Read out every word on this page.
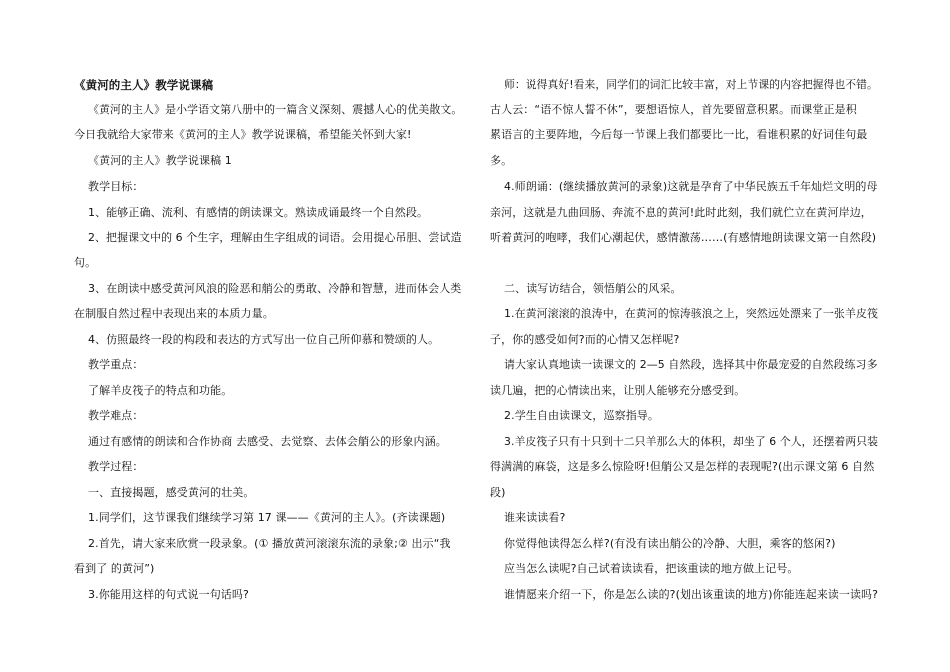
《黄河的主人》教学说课稿
《黄河的主人》是小学语文第八册中的一篇含义深刻、震撼人心的优美散文。
今日我就给大家带来《黄河的主人》教学说课稿，希望能关怀到大家!
《黄河的主人》教学说课稿 1
教学目标：
1、能够正确、流利、有感情的朗读课文。熟读成诵最终一个自然段。
2、把握课文中的 6 个生字，理解由生字组成的词语。会用提心吊胆、尝试造
句。
3、在朗读中感受黄河风浪的险恶和艄公的勇敢、冷静和智慧，进而体会人类
在制服自然过程中表现出来的本质力量。
4、仿照最终一段的构段和表达的方式写出一位自己所仰慕和赞颂的人。
教学重点：
了解羊皮筏子的特点和功能。
教学难点：
通过有感情的朗读和合作协商 去感受、去觉察、去体会艄公的形象内涵。
教学过程：
一、直接揭题，感受黄河的壮美。
1.同学们，这节课我们继续学习第 17 课——《黄河的主人》。(齐读课题)
2.首先，请大家来欣赏一段录象。(① 播放黄河滚滚东流的录象;② 出示“我
看到了 的黄河”)
3.你能用这样的句式说一句话吗?
师：说得真好!看来，同学们的词汇比较丰富，对上节课的内容把握得也不错。
古人云：“语不惊人誓不休”，要想语惊人，首先要留意积累。而课堂正是积
累语言的主要阵地，今后每一节课上我们都要比一比，看谁积累的好词佳句最
多。
4.师朗诵：(继续播放黄河的录象)这就是孕育了中华民族五千年灿烂文明的母
亲河，这就是九曲回肠、奔流不息的黄河!此时此刻，我们就伫立在黄河岸边，
听着黄河的咆哮，我们心潮起伏，感情激荡……(有感情地朗读课文第一自然段)
二、读写访结合，领悟艄公的风采。
1.在黄河滚滚的浪涛中，在黄河的惊涛骇浪之上，突然远处漂来了一张羊皮筏
子，你的感受如何?而的心情又怎样呢?
请大家认真地读一读课文的 2—5 自然段，选择其中你最宠爱的自然段练习多
读几遍，把的心情读出来，让別人能够充分感受到。
2.学生自由读课文，巡察指导。
3.羊皮筏子只有十只到十二只羊那么大的体积，却坐了 6 个人，还摆着两只装
得满满的麻袋，这是多么惊险呀!但艄公又是怎样的表现呢?(出示课文第 6 自然
段)
谁来读读看?
你觉得他读得怎么样?(有没有读出艄公的冷静、大胆，乘客的悠闲?)
应当怎么读呢?自己试着读读看，把该重读的地方做上记号。
谁情愿来介绍一下，你是怎么读的?(划出该重读的地方)你能连起来读一读吗?
